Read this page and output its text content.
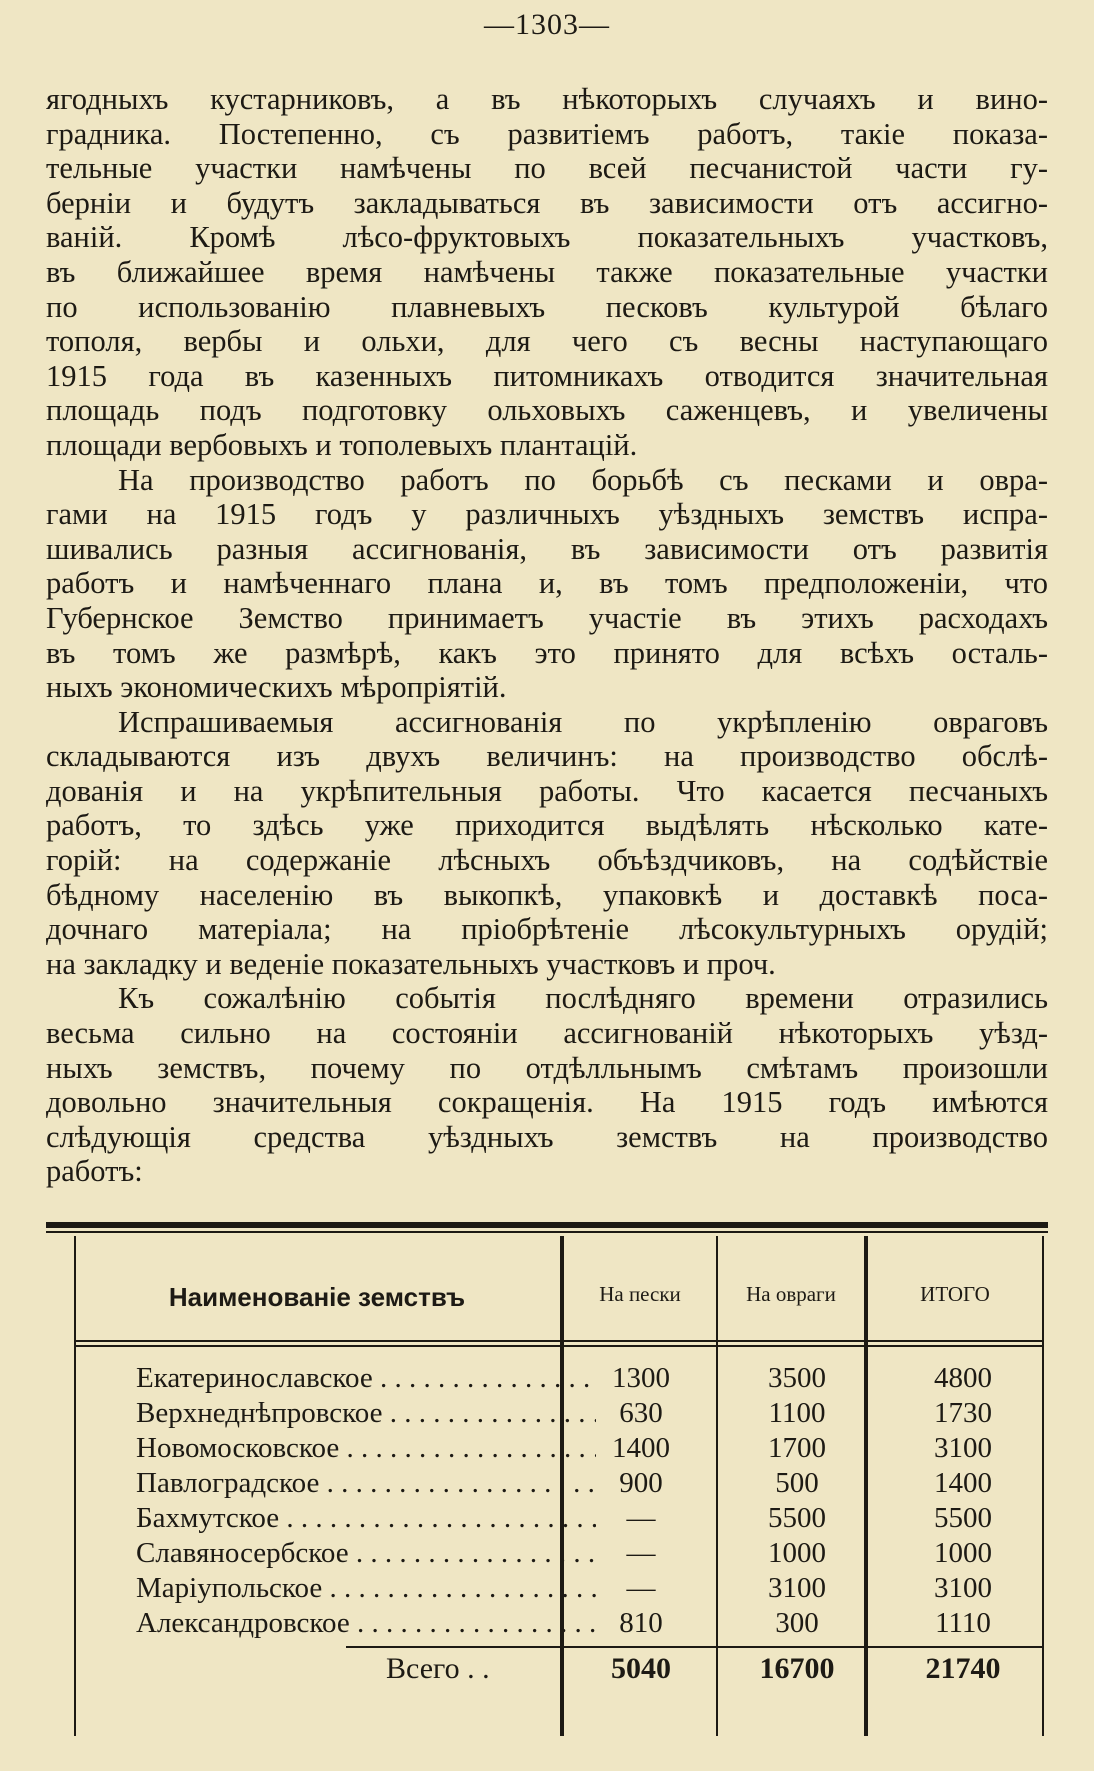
—1303—
ягодныхъ кустарниковъ, а въ нѣкоторыхъ случаяхъ и вино-
градника. Постепенно, съ развитіемъ работъ, такіе показа-
тельные участки намѣчены по всей песчанистой части гу-
берніи и будутъ закладываться въ зависимости отъ ассигно-
ваній. Кромѣ лѣсо-фруктовыхъ показательныхъ участковъ,
въ ближайшее время намѣчены также показательные участки
по использованію плавневыхъ песковъ культурой бѣлаго
тополя, вербы и ольхи, для чего съ весны наступающаго
1915 года въ казенныхъ питомникахъ отводится значительная
площадь подъ подготовку ольховыхъ саженцевъ, и увеличены
площади вербовыхъ и тополевыхъ плантацій.
На производство работъ по борьбѣ съ песками и овра-
гами на 1915 годъ у различныхъ уѣздныхъ земствъ испра-
шивались разныя ассигнованія, въ зависимости отъ развитія
работъ и намѣченнаго плана и, въ томъ предположеніи, что
Губернское Земство принимаетъ участіе въ этихъ расходахъ
въ томъ же размѣрѣ, какъ это принято для всѣхъ осталь-
ныхъ экономическихъ мѣропріятій.
Испрашиваемыя ассигнованія по укрѣпленію овраговъ
складываются изъ двухъ величинъ: на производство обслѣ-
дованія и на укрѣпительныя работы. Что касается песчаныхъ
работъ, то здѣсь уже приходится выдѣлять нѣсколько кате-
горій: на содержаніе лѣсныхъ объѣздчиковъ, на содѣйствіе
бѣдному населенію въ выкопкѣ, упаковкѣ и доставкѣ поса-
дочнаго матеріала; на пріобрѣтеніе лѣсокультурныхъ орудій;
на закладку и веденіе показательныхъ участковъ и проч.
Къ сожалѣнію событія послѣдняго времени отразились
весьма сильно на состояніи ассигнованій нѣкоторыхъ уѣзд-
ныхъ земствъ, почему по отдѣлльнымъ смѣтамъ произошли
довольно значительныя сокращенія. На 1915 годъ имѣются
слѣдующія средства уѣздныхъ земствъ на производство
работъ:
Наименованіе земствъ	На пески	На овраги	ИТОГО
Екатеринославское . . .	1300	3500	4800
Верхнеднѣпровское . . .	630	1100	1730
Новомосковское . . .	1400	1700	3100
Павлоградское . . .	900	500	1400
Бахмутское . . .	—	5500	5500
Славяносербское . . .	—	1000	1000
Маріупольское . . .	—	3100	3100
Александровское . . .	810	300	1110
Всего . .	5040	16700	21740
